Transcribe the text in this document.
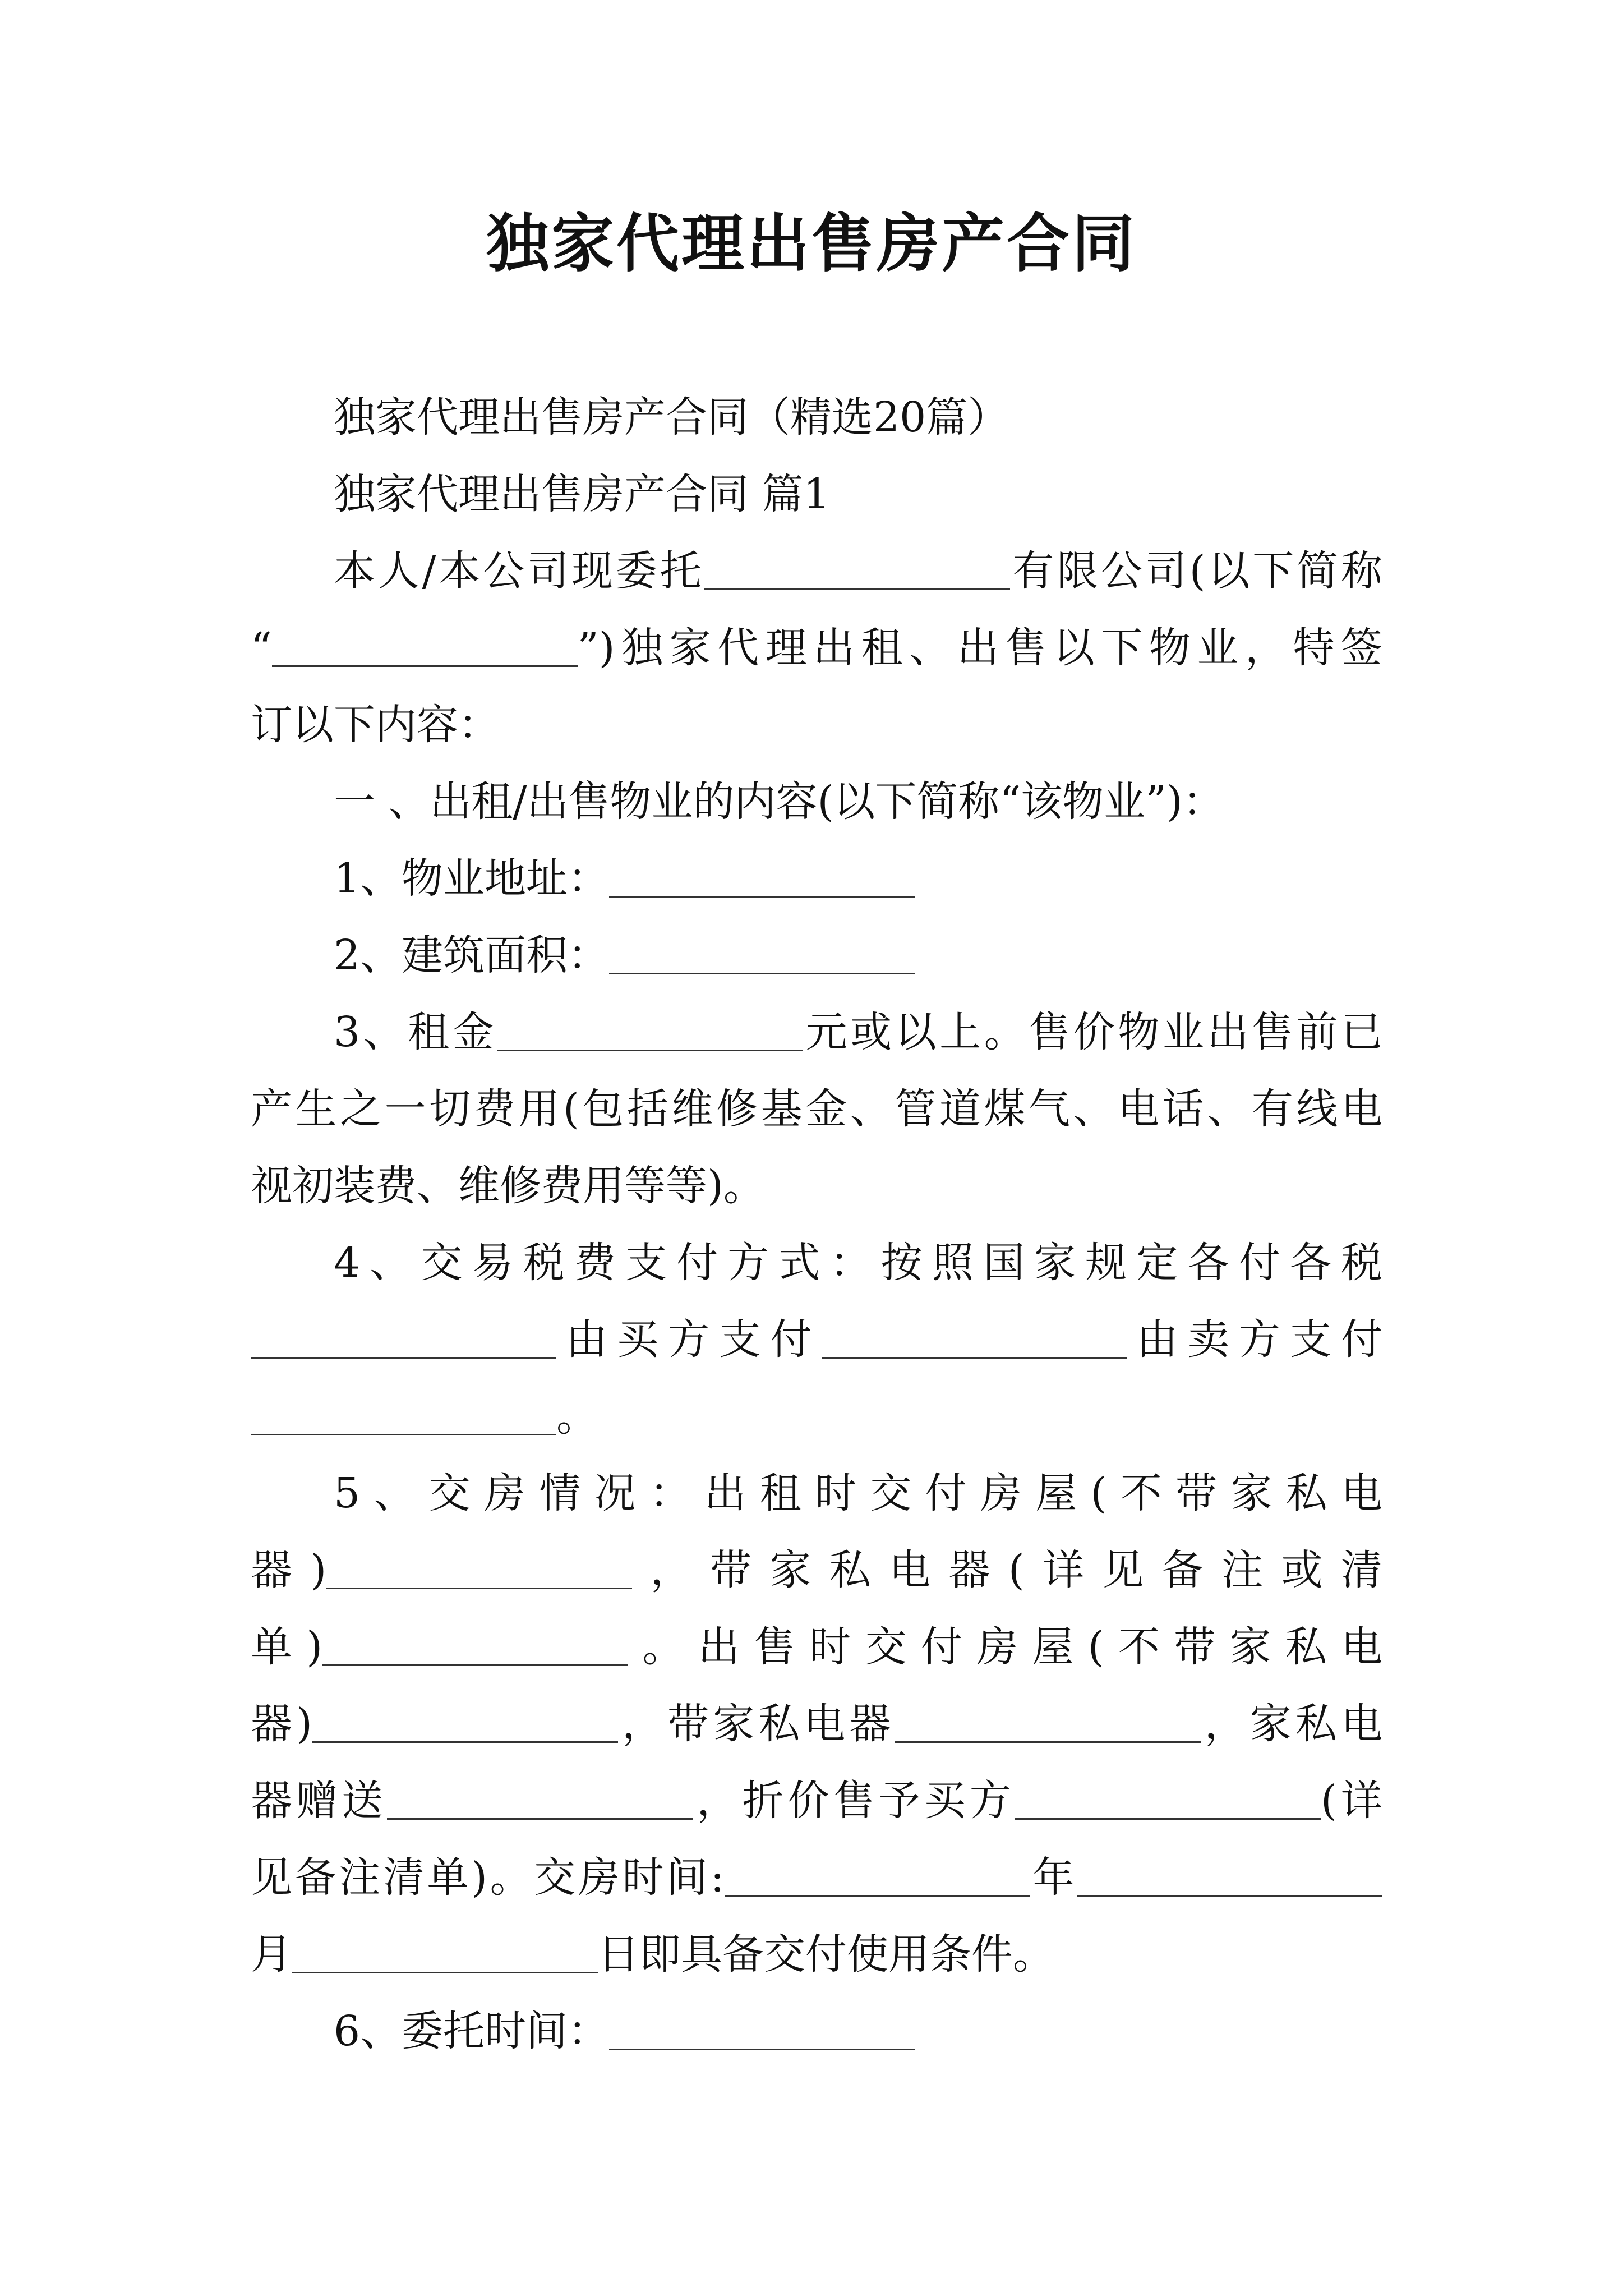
独家代理出售房产合同

独家代理出售房产合同（精选20篇）

独家代理出售房产合同 篇1

本人/本公司现委托	有限公司(以下简称

“	”)独家代理出租、出售以下物业，特签

订以下内容：

一 、出租/出售物业的内容(以下简称“该物业”)：

1、物业地址：

2、建筑面积：

3、租金	元或以上。售价物业出售前已

产生之一切费用(包括维修基金、管道煤气、电话、有线电

视初装费、维修费用等等)。

4、交易税费支付方式：按照国家规定各付各税

由买方支付	由卖方支付

。

5、交房情况：出租时交付房屋(不带家私电

器)	，带家私电器(详见备注或清

单)	。出售时交付房屋(不带家私电

器)	，带家私电器	，家私电

器赠送	，折价售予买方	(详

见备注清单)。交房时间:	年

月	日即具备交付使用条件。

6、委托时间：
